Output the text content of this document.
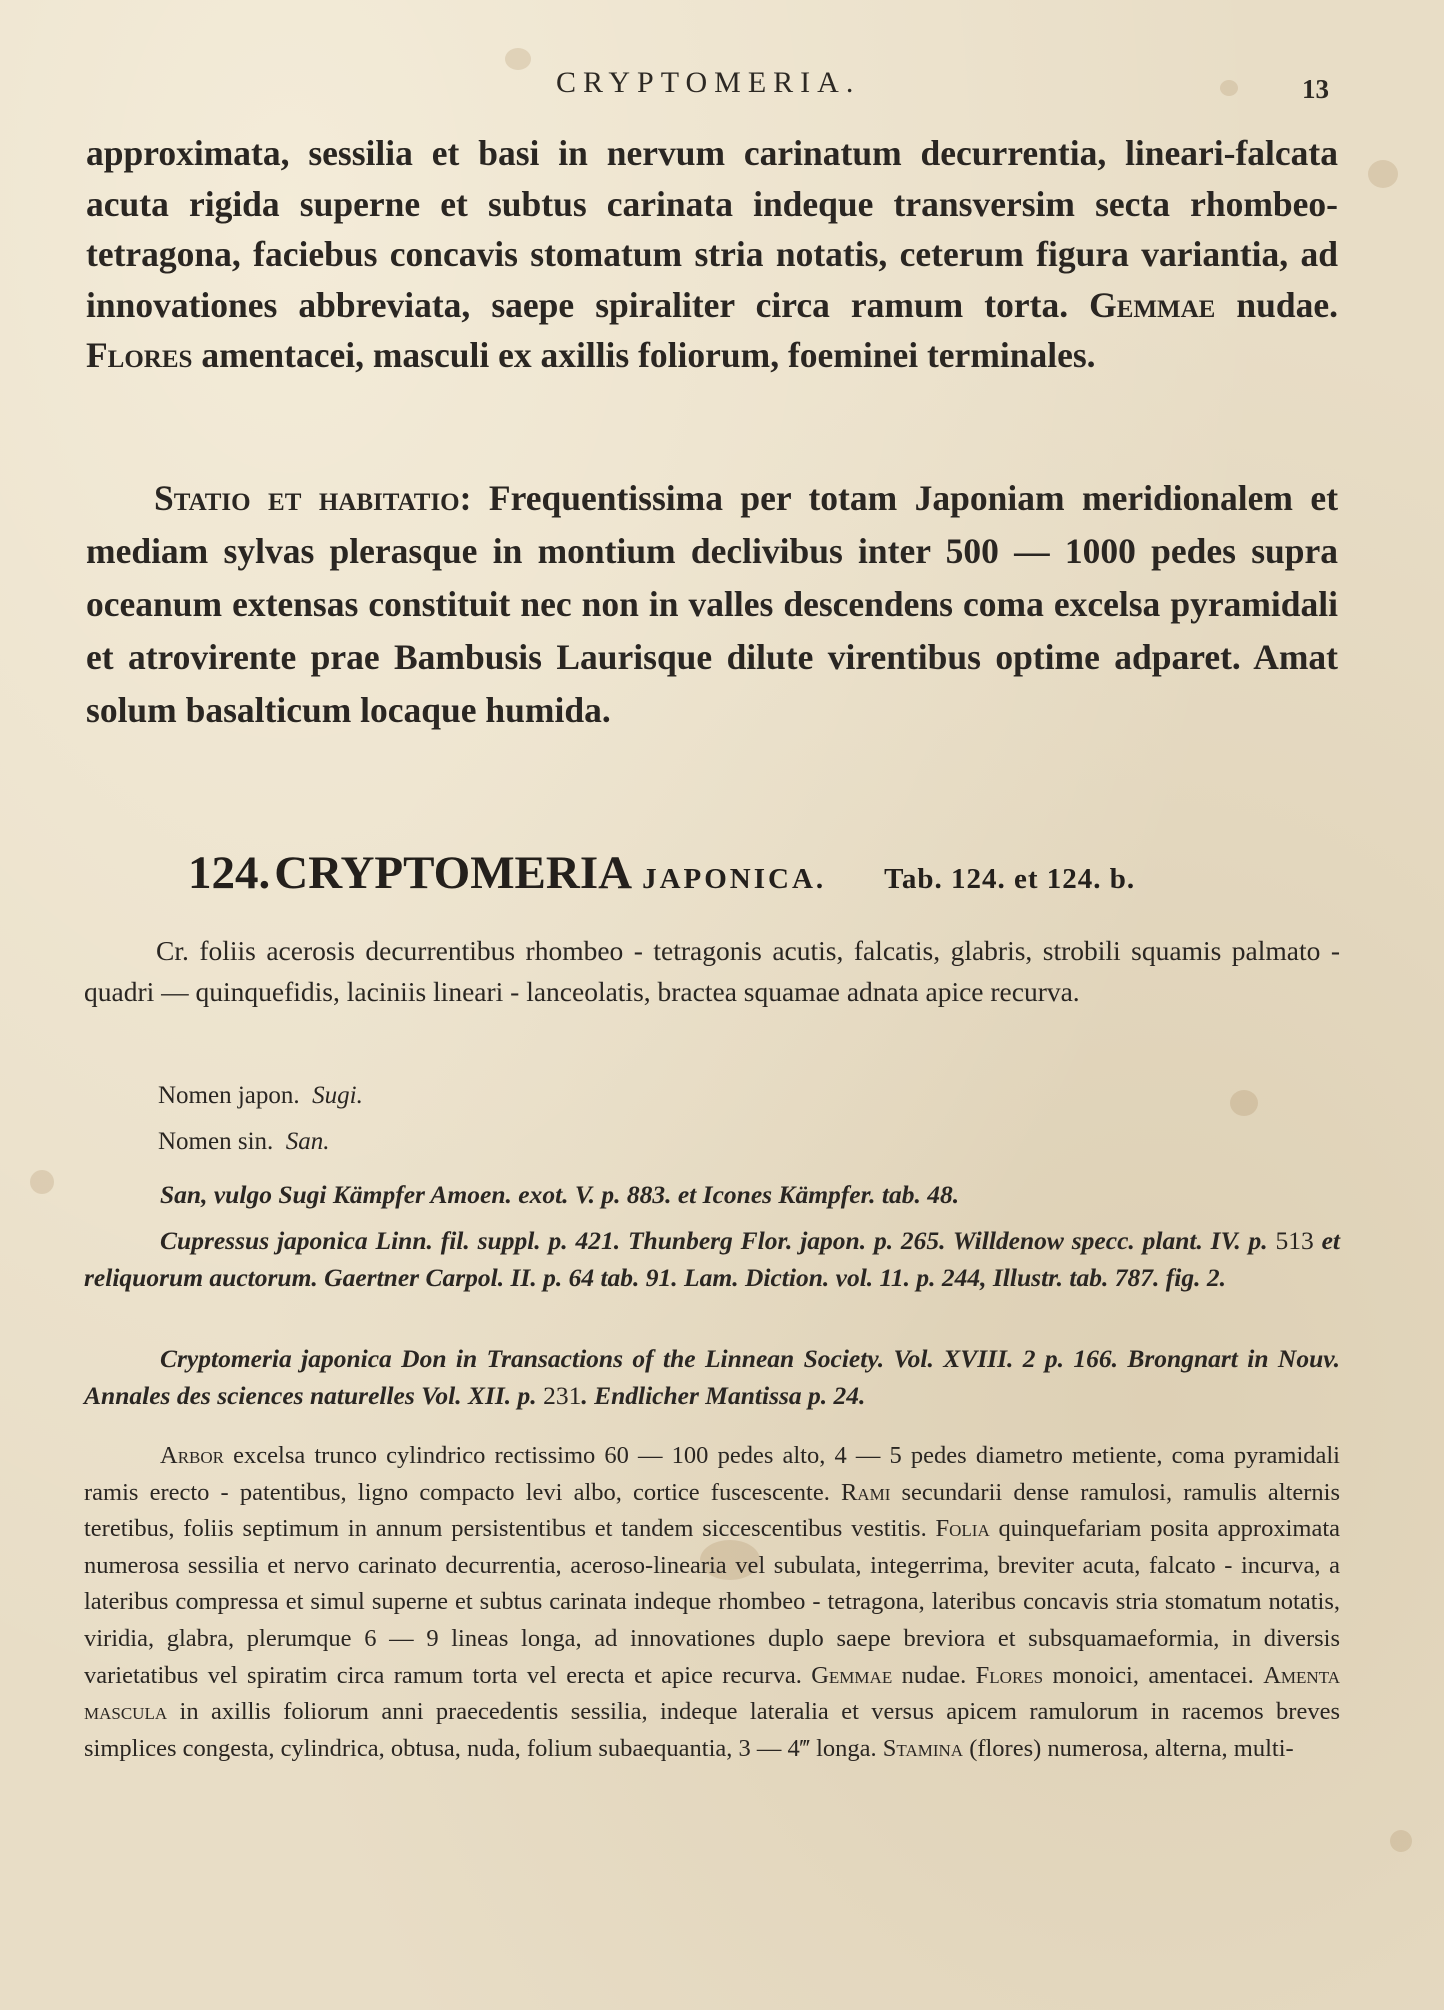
CRYPTOMERIA.	13
approximata, sessilia et basi in nervum carinatum decurrentia, lineari-falcata acuta rigida superne et subtus carinata indeque transversim secta rhombeo-tetragona, faciebus concavis stomatum stria notatis, ceterum figura variantia, ad innovationes abbreviata, saepe spiraliter circa ramum torta. Gemmae nudae. Flores amentacei, masculi ex axillis foliorum, foeminei terminales.
Statio et habitatio: Frequentissima per totam Japoniam meridionalem et mediam sylvas plerasque in montium declivibus inter 500 — 1000 pedes supra oceanum extensas constituit nec non in valles descendens coma excelsa pyramidali et atrovirente prae Bambusis Laurisque dilute virentibus optime adparet. Amat solum basalticum locaque humida.
124. CRYPTOMERIA JAPONICA. Tab. 124. et 124. b.
Cr. foliis acerosis decurrentibus rhombeo - tetragonis acutis, falcatis, glabris, strobili squamis palmato - quadri — quinquefidis, laciniis lineari - lanceolatis, bractea squamae adnata apice recurva.
Nomen japon. Sugi.
Nomen sin. San.
San, vulgo Sugi Kämpfer Amoen. exot. V. p. 883. et Icones Kämpfer. tab. 48.
Cupressus japonica Linn. fil. suppl. p. 421. Thunberg Flor. japon. p. 265. Willdenow specc. plant. IV. p. 513 et reliquorum auctorum. Gaertner Carpol. II. p. 64 tab. 91. Lam. Diction. vol. 11. p. 244, Illustr. tab. 787. fig. 2.
Cryptomeria japonica Don in Transactions of the Linnean Society. Vol. XVIII. 2 p. 166. Brongnart in Nouv. Annales des sciences naturelles Vol. XII. p. 231. Endlicher Mantissa p. 24.
Arbor excelsa trunco cylindrico rectissimo 60 — 100 pedes alto, 4 — 5 pedes diametro metiente, coma pyramidali ramis erecto - patentibus, ligno compacto levi albo, cortice fuscescente. Rami secundarii dense ramulosi, ramulis alternis teretibus, foliis septimum in annum persistentibus et tandem siccescentibus vestitis. Folia quinquefariam posita approximata numerosa sessilia et nervo carinato decurrentia, aceroso-linearia vel subulata, integerrima, breviter acuta, falcato - incurva, a lateribus compressa et simul superne et subtus carinata indeque rhombeo - tetragona, lateribus concavis stria stomatum notatis, viridia, glabra, plerumque 6 — 9 lineas longa, ad innovationes duplo saepe breviora et subsquamaeformia, in diversis varietatibus vel spiratim circa ramum torta vel erecta et apice recurva. Gemmae nudae. Flores monoici, amentacei. Amenta mascula in axillis foliorum anni praecedentis sessilia, indeque lateralia et versus apicem ramulorum in racemos breves simplices congesta, cylindrica, obtusa, nuda, folium subaequantia, 3 — 4‴ longa. Stamina (flores) numerosa, alterna, multi-
